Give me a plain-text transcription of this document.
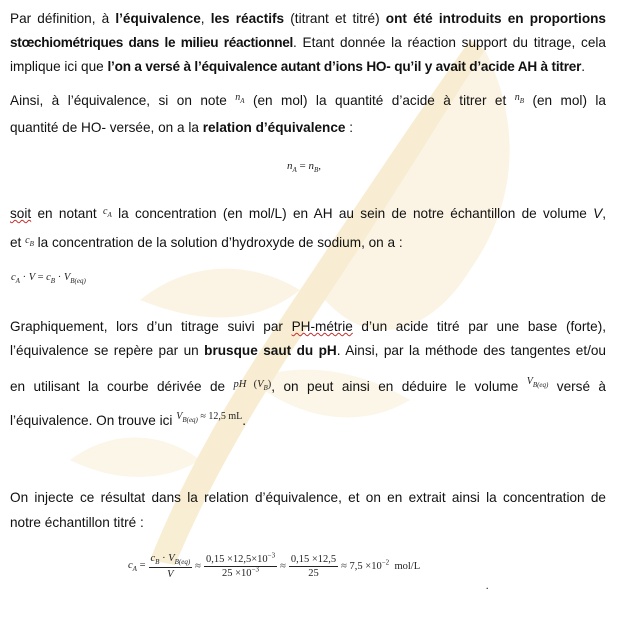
Par définition, à l’équivalence, les réactifs (titrant et titré) ont été introduits en proportions

stœchiométriques dans le milieu réactionnel. Etant donnée la réaction support du titrage, cela

implique ici que l’on a versé à l’équivalence autant d’ions HO- qu’il y avait d’acide AH à titrer.

Ainsi, à l’équivalence, si on note $^{n_A}$ (en mol) la quantité d’acide à titrer et $^{n_B}$ (en mol) la

quantité de HO- versée, on a la relation d’équivalence :

$n_A = n_B$,

soit en notant $^{c_A}$ la concentration (en mol/L) en AH au sein de notre échantillon de volume V,

et $^{c_B}$ la concentration de la solution d’hydroxyde de sodium, on a :

$c_A \cdot V = c_B \cdot V_{B(eq)}$

Graphiquement, lors d’un titrage suivi par PH-métrie d’un acide titré par une base (forte),

l’équivalence se repère par un brusque saut du pH. Ainsi, par la méthode des tangentes et/ou

en utilisant la courbe dérivée de $^{pH (V_B)}$, on peut ainsi en déduire le volume $^{V_{B(eq)}}$ versé à

l’équivalence. On trouve ici $^{V_{B(eq)} \approx 12,5 mL}$.

On injecte ce résultat dans la relation d’équivalence, et on en extrait ainsi la concentration de

notre échantillon titré :

$c_A = \frac{c_B \cdot V_{B(eq)}}{V} \approx \frac{0,15 \times 12,5\times 10^{-3}}{25 \times 10^{-3}} \approx \frac{0,15 \times 12,5}{25} \approx 7,5 \times 10^{-2}$  mol/L
.
